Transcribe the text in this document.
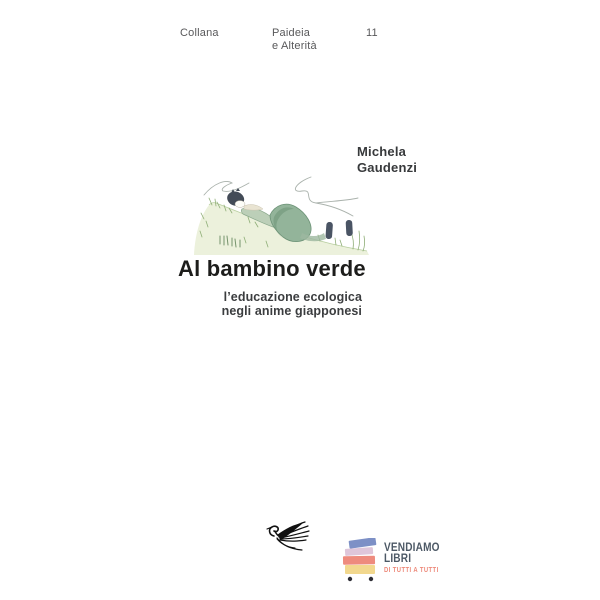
Collana	Paideia
e Alterità
11
Michela
Gaudenzi
Al bambino verde
l’educazione ecologica
negli anime giapponesi
VENDIAMO
LIBRI
DI TUTTI A TUTTI
